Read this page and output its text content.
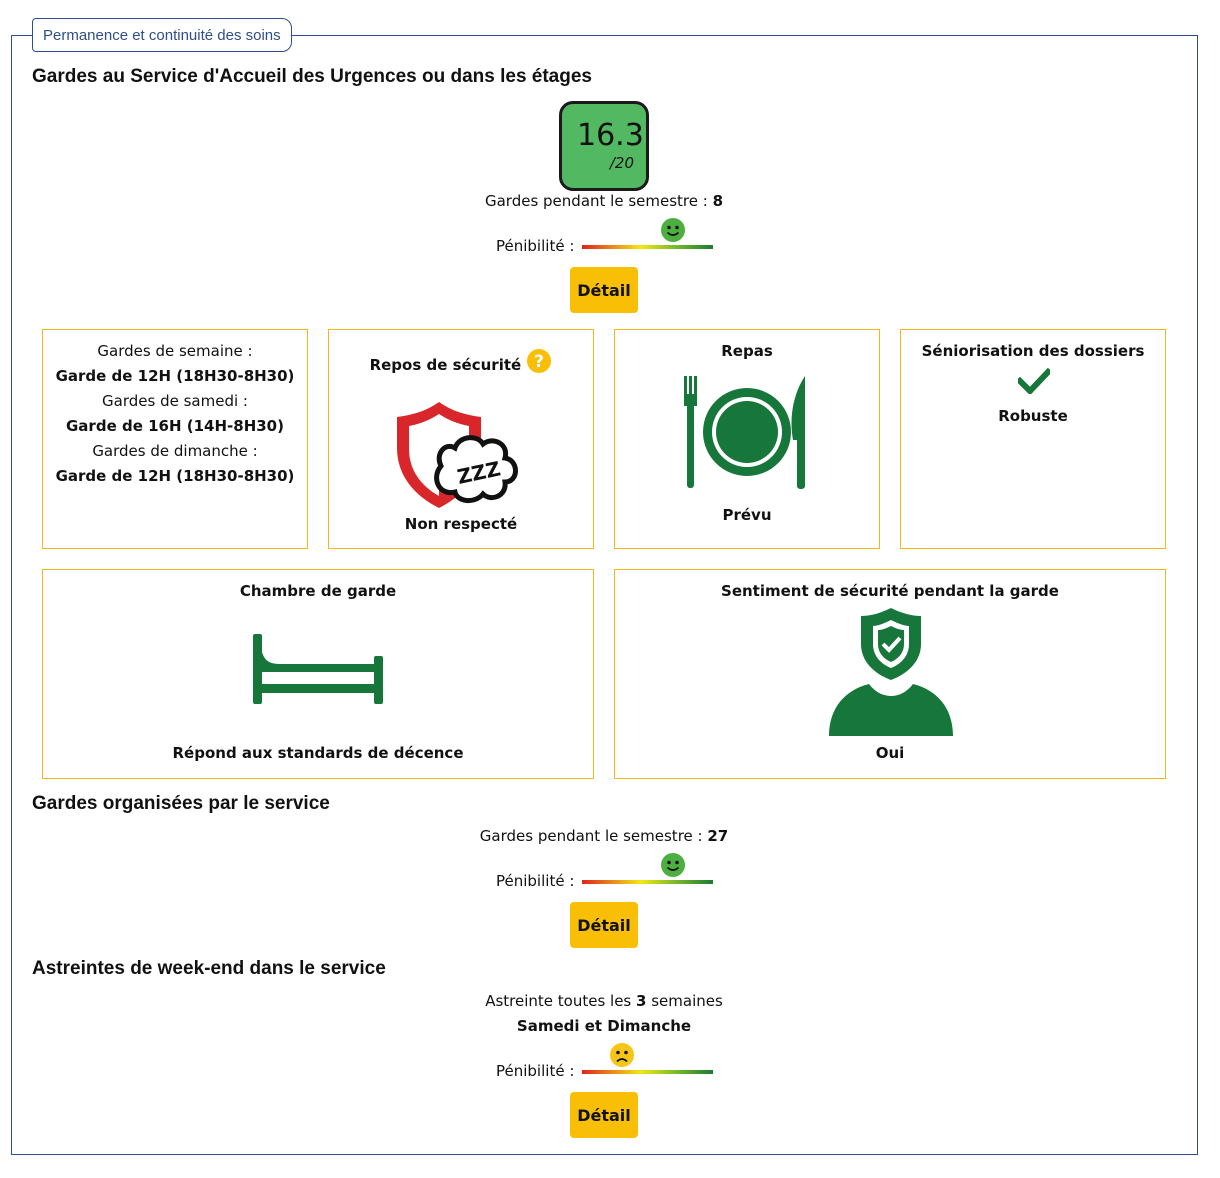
Permanence et continuité des soins
Gardes au Service d'Accueil des Urgences ou dans les étages
16.3
/20
Gardes pendant le semestre : 8
Pénibilité :
Détail
Gardes de semaine :
Garde de 12H (18H30-8H30)
Gardes de samedi :
Garde de 16H (14H-8H30)
Gardes de dimanche :
Garde de 12H (18H30-8H30)
Repos de sécurité ?
ZZZ
Non respecté
Repas
Prévu
Séniorisation des dossiers
Robuste
Chambre de garde
Répond aux standards de décence
Sentiment de sécurité pendant la garde
Oui
Gardes organisées par le service
Gardes pendant le semestre : 27
Pénibilité :
Détail
Astreintes de week-end dans le service
Astreinte toutes les 3 semaines
Samedi et Dimanche
Pénibilité :
Détail
